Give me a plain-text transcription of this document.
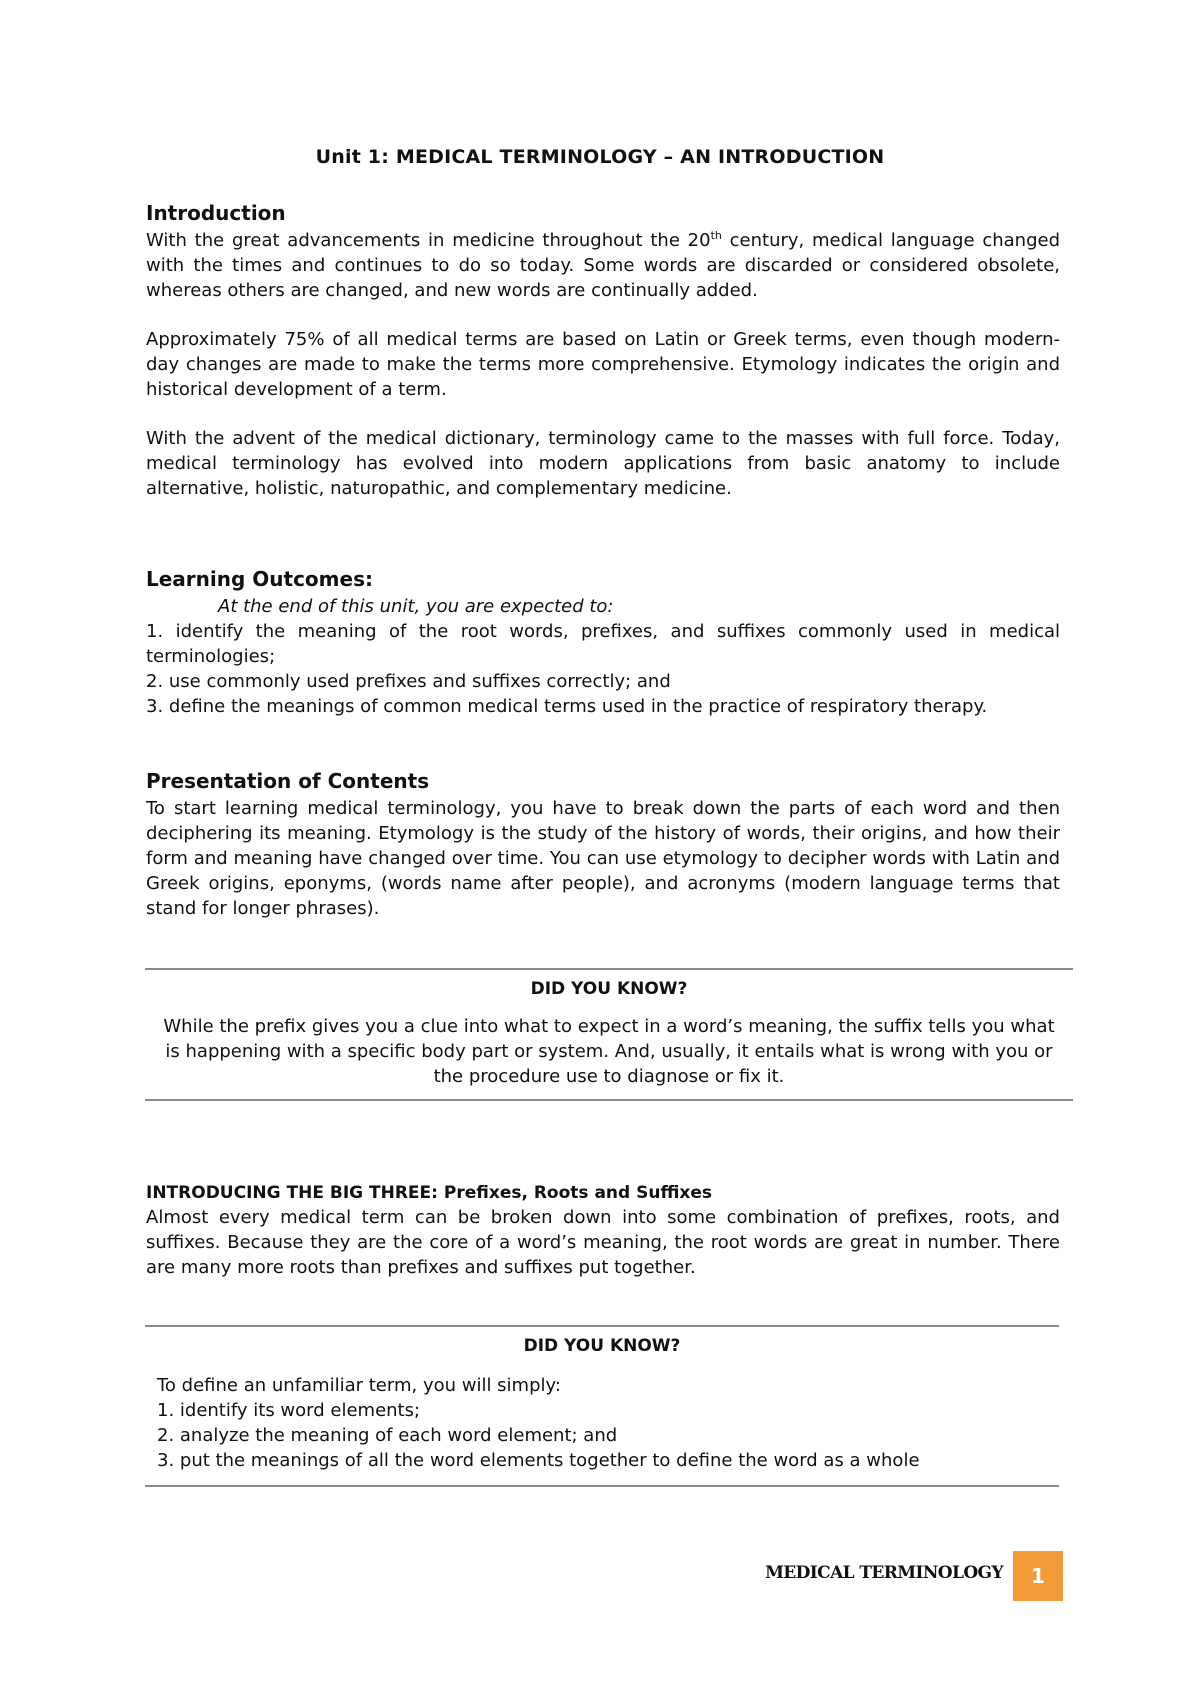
Unit 1: MEDICAL TERMINOLOGY – AN INTRODUCTION
Introduction

With the great advancements in medicine throughout the 20th century, medical language changed with the times and continues to do so today. Some words are discarded or considered obsolete, whereas others are changed, and new words are continually added.

Approximately 75% of all medical terms are based on Latin or Greek terms, even though modern-day changes are made to make the terms more comprehensive. Etymology indicates the origin and historical development of a term.

With the advent of the medical dictionary, terminology came to the masses with full force. Today, medical terminology has evolved into modern applications from basic anatomy to include alternative, holistic, naturopathic, and complementary medicine.

Learning Outcomes:
At the end of this unit, you are expected to:
1. identify the meaning of the root words, prefixes, and suffixes commonly used in medical terminologies;
2. use commonly used prefixes and suffixes correctly; and
3. define the meanings of common medical terms used in the practice of respiratory therapy.
Presentation of Contents

To start learning medical terminology, you have to break down the parts of each word and then deciphering its meaning. Etymology is the study of the history of words, their origins, and how their form and meaning have changed over time. You can use etymology to decipher words with Latin and Greek origins, eponyms, (words name after people), and acronyms (modern language terms that stand for longer phrases).

DID YOU KNOW?
While the prefix gives you a clue into what to expect in a word’s meaning, the suffix tells you what is happening with a specific body part or system. And, usually, it entails what is wrong with you or the procedure use to diagnose or fix it.
INTRODUCING THE BIG THREE: Prefixes, Roots and Suffixes

Almost every medical term can be broken down into some combination of prefixes, roots, and suffixes. Because they are the core of a word’s meaning, the root words are great in number. There are many more roots than prefixes and suffixes put together.

DID YOU KNOW?
To define an unfamiliar term, you will simply:
1. identify its word elements;
2. analyze the meaning of each word element; and
3. put the meanings of all the word elements together to define the word as a whole
MEDICAL TERMINOLOGY	1
